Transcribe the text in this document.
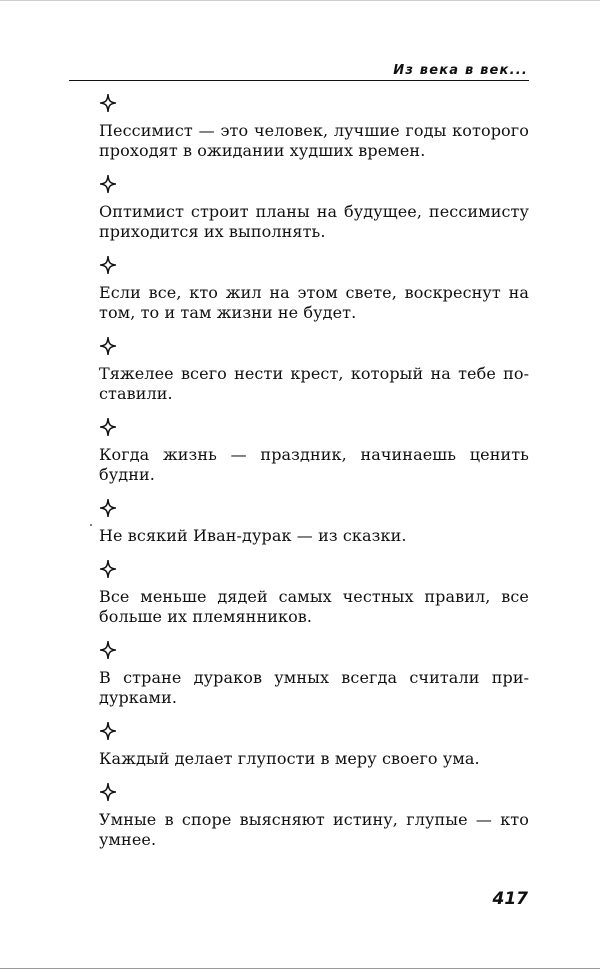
Из века в век...
Пессимист — это человек, лучшие годы которого проходят в ожидании худших времен.
Оптимист строит планы на будущее, пессимисту приходится их выполнять.
Если все, кто жил на этом свете, воскреснут на том, то и там жизни не будет.
Тяжелее всего нести крест, который на тебе поставили.
Когда жизнь — праздник, начинаешь ценить будни.
Не всякий Иван-дурак — из сказки.
Все меньше дядей самых честных правил, все больше их племянников.
В стране дураков умных всегда считали придурками.
Каждый делает глупости в меру своего ума.
Умные в споре выясняют истину, глупые — кто умнее.
417
